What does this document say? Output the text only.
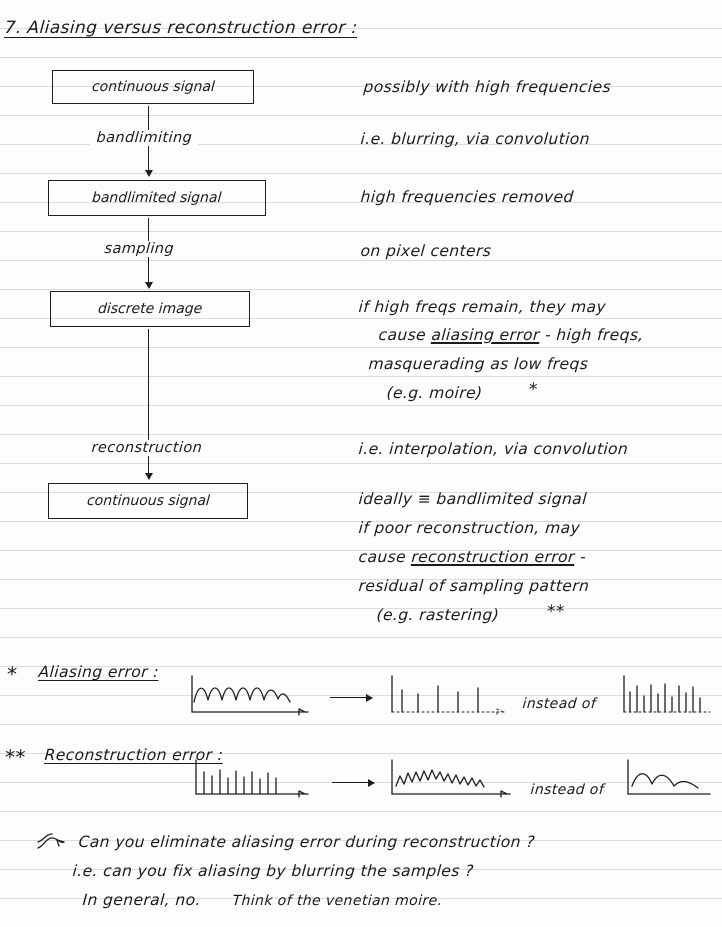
7. Aliasing versus reconstruction error :
continuous signal
bandlimited signal
discrete image
continuous signal
bandlimiting
sampling
reconstruction
possibly with high frequencies
i.e. blurring, via convolution
high frequencies removed
on pixel centers
if high freqs remain, they may
cause aliasing error - high freqs,
masquerading as low freqs
(e.g. moire)	*
i.e. interpolation, via convolution
ideally ≡ bandlimited signal
if poor reconstruction, may
cause reconstruction error -
residual of sampling pattern
(e.g. rastering)	**
* Aliasing error :
instead of
** Reconstruction error :
instead of
Can you eliminate aliasing error during reconstruction ?
i.e. can you fix aliasing by blurring the samples ?
In general, no. Think of the venetian moire.
